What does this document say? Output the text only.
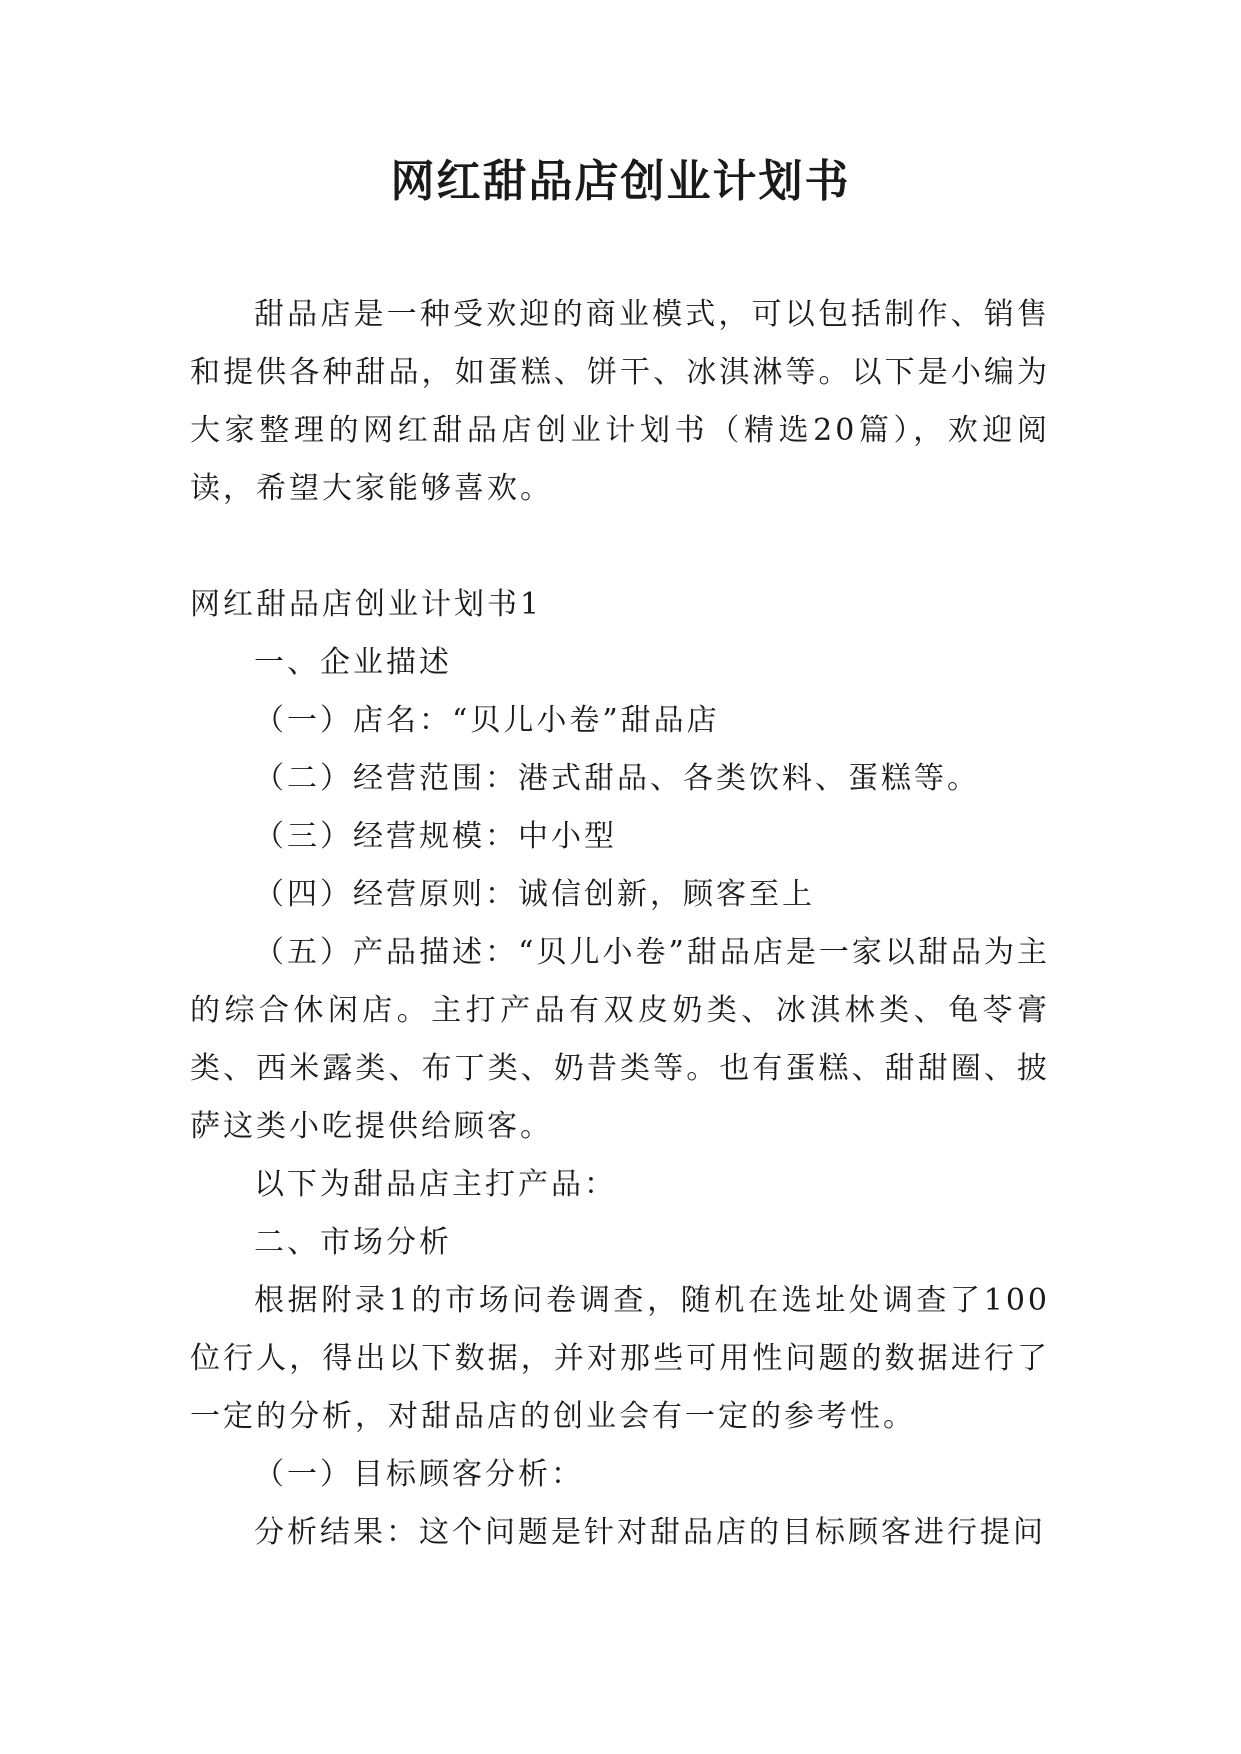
网红甜品店创业计划书

甜品店是一种受欢迎的商业模式，可以包括制作、销售和提供各种甜品，如蛋糕、饼干、冰淇淋等。以下是小编为大家整理的网红甜品店创业计划书（精选20篇），欢迎阅读，希望大家能够喜欢。

网红甜品店创业计划书1

一、企业描述

（一）店名：“贝儿小卷”甜品店

（二）经营范围：港式甜品、各类饮料、蛋糕等。

（三）经营规模：中小型

（四）经营原则：诚信创新，顾客至上

（五）产品描述：“贝儿小卷”甜品店是一家以甜品为主的综合休闲店。主打产品有双皮奶类、冰淇林类、龟苓膏类、西米露类、布丁类、奶昔类等。也有蛋糕、甜甜圈、披萨这类小吃提供给顾客。

以下为甜品店主打产品：

二、市场分析

根据附录1的市场问卷调查，随机在选址处调查了100位行人，得出以下数据，并对那些可用性问题的数据进行了一定的分析，对甜品店的创业会有一定的参考性。

（一）目标顾客分析：

分析结果：这个问题是针对甜品店的目标顾客进行提问
